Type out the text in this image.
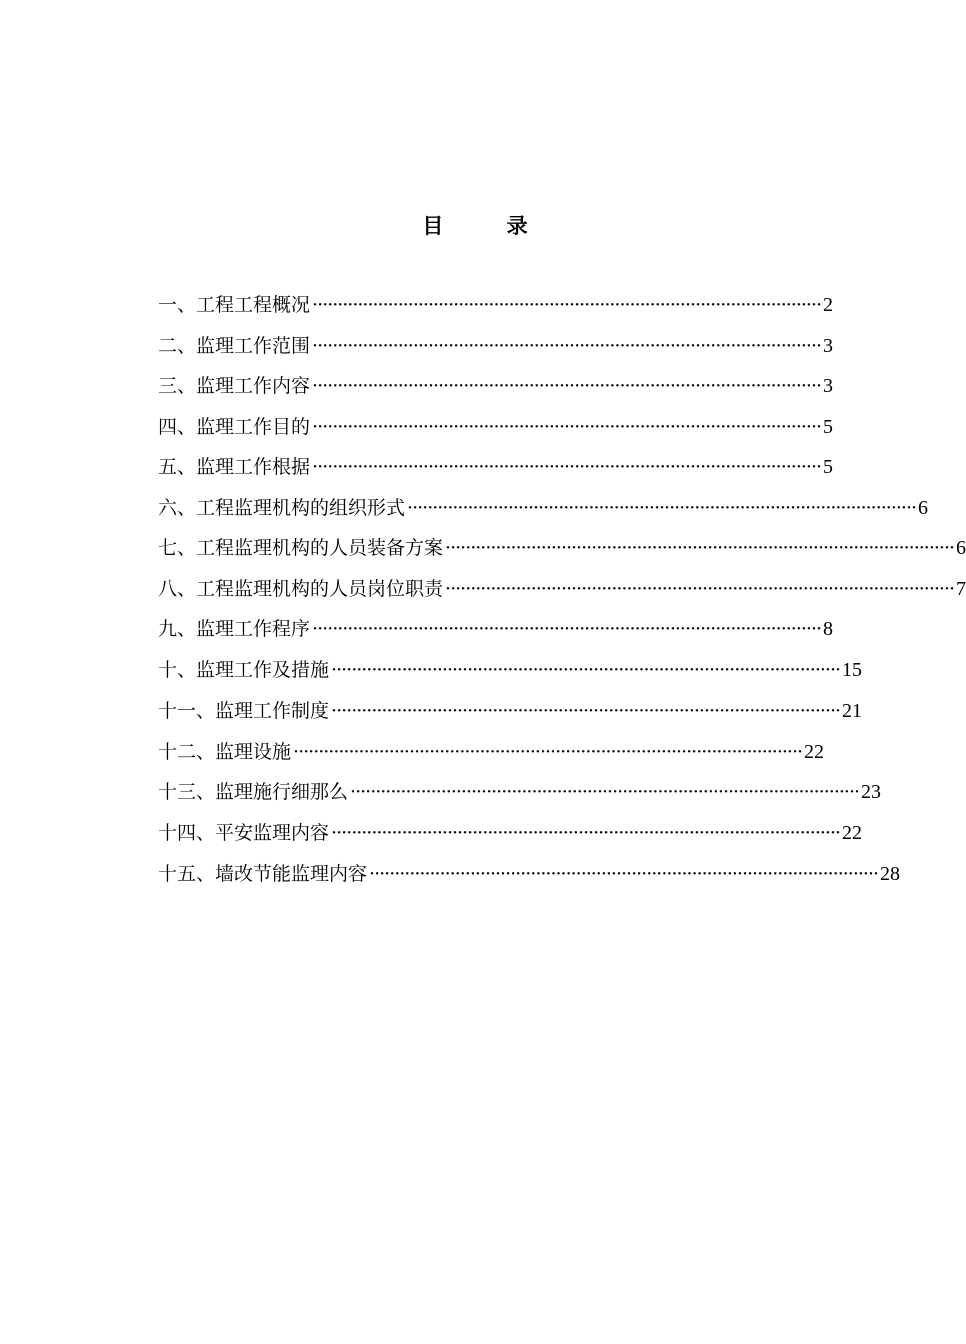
目 录
一、 工程工程概况 ····································································································· 2
二、 监理工作范围 ····································································································· 3
三、 监理工作内容 ····································································································· 3
四、 监理工作目的 ····································································································· 5
五、 监理工作根据 ····································································································· 5
六、 工程监理机构的组织形式 ····································································································· 6
七、 工程监理机构的人员装备方案 ····································································································· 6
八、 工程监理机构的人员岗位职责 ····································································································· 7
九、 监理工作程序 ····································································································· 8
十、 监理工作及措施 ····································································································· 15
十一、 监理工作制度 ····································································································· 21
十二、 监理设施 ····································································································· 22
十三、 监理施行细那么 ····································································································· 23
十四、 平安监理内容 ····································································································· 22
十五、 墙改节能监理内容 ····································································································· 28
